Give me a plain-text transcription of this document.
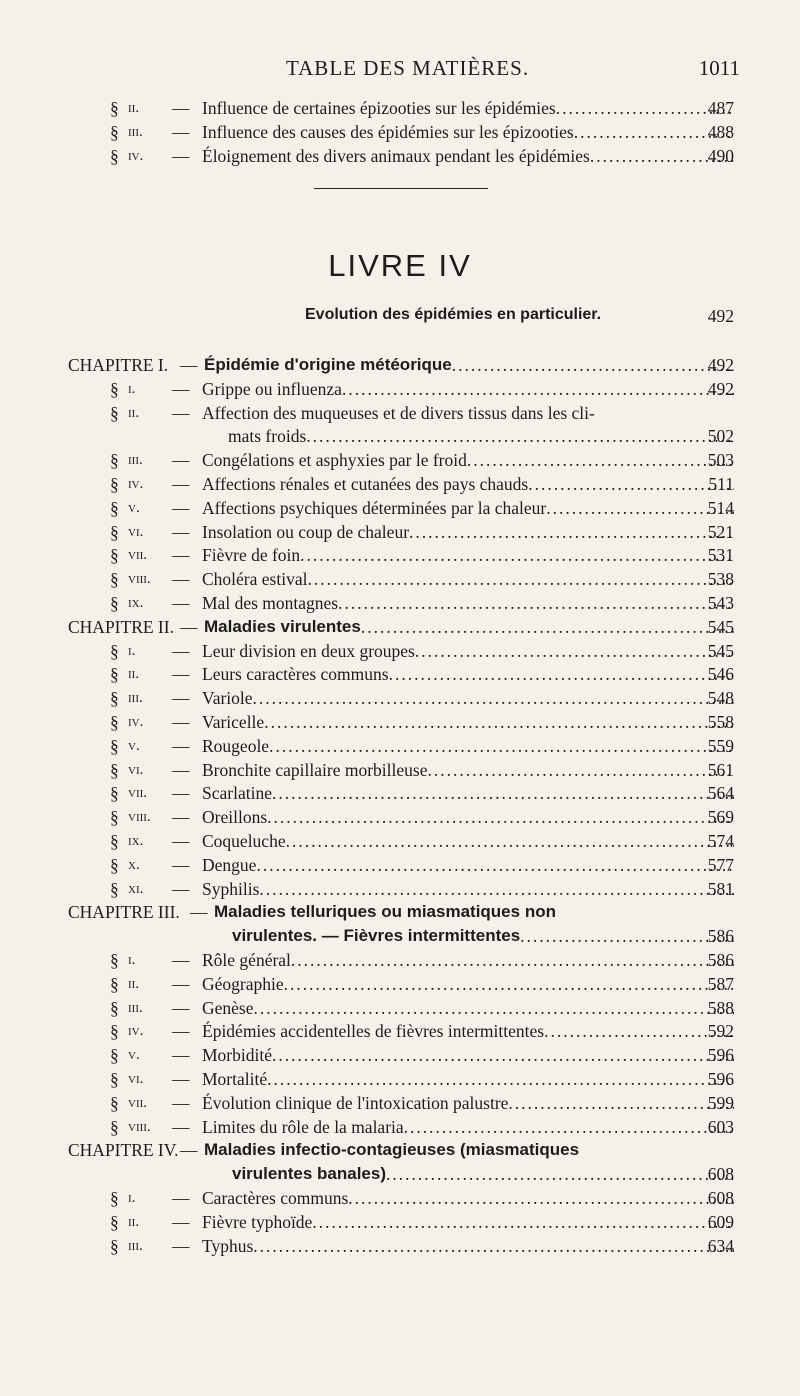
TABLE DES MATIÈRES.	1011
§ ii. — Influence de certaines épizooties sur les épidémies .....	487
§ iii. — Influence des causes des épidémies sur les épizooties .....	488
§ iv. — Éloignement des divers animaux pendant les épidémies .....	490
LIVRE IV
Evolution des épidémies en particulier.	492
CHAPITRE I. — Épidémie d'origine météorique .....	492
§ i. — Grippe ou influenza .....	492
§ ii. — Affection des muqueuses et de divers tissus dans les cli-
mats froids .....	502
§ iii. — Congélations et asphyxies par le froid .....	503
§ iv. — Affections rénales et cutanées des pays chauds .....	511
§ v. — Affections psychiques déterminées par la chaleur .....	514
§ vi. — Insolation ou coup de chaleur .....	521
§ vii. — Fièvre de foin .....	531
§ viii. — Choléra estival .....	538
§ ix. — Mal des montagnes .....	543
CHAPITRE II. — Maladies virulentes .....	545
§ i. — Leur division en deux groupes .....	545
§ ii. — Leurs caractères communs .....	546
§ iii. — Variole .....	548
§ iv. — Varicelle .....	558
§ v. — Rougeole .....	559
§ vi. — Bronchite capillaire morbilleuse .....	561
§ vii. — Scarlatine .....	564
§ viii. — Oreillons .....	569
§ ix. — Coqueluche .....	574
§ x. — Dengue .....	577
§ xi. — Syphilis .....	581
CHAPITRE III. — Maladies telluriques ou miasmatiques non
virulentes. — Fièvres intermittentes .....	586
§ i. — Rôle général .....	586
§ ii. — Géographie .....	587
§ iii. — Genèse .....	588
§ iv. — Épidémies accidentelles de fièvres intermittentes .....	592
§ v. — Morbidité .....	596
§ vi. — Mortalité .....	596
§ vii. — Évolution clinique de l'intoxication palustre .....	599
§ viii. — Limites du rôle de la malaria .....	603
CHAPITRE IV. — Maladies infectio-contagieuses (miasmatiques
virulentes banales) .....	608
§ i. — Caractères communs .....	608
§ ii. — Fièvre typhoïde .....	609
§ iii. — Typhus .....	634
